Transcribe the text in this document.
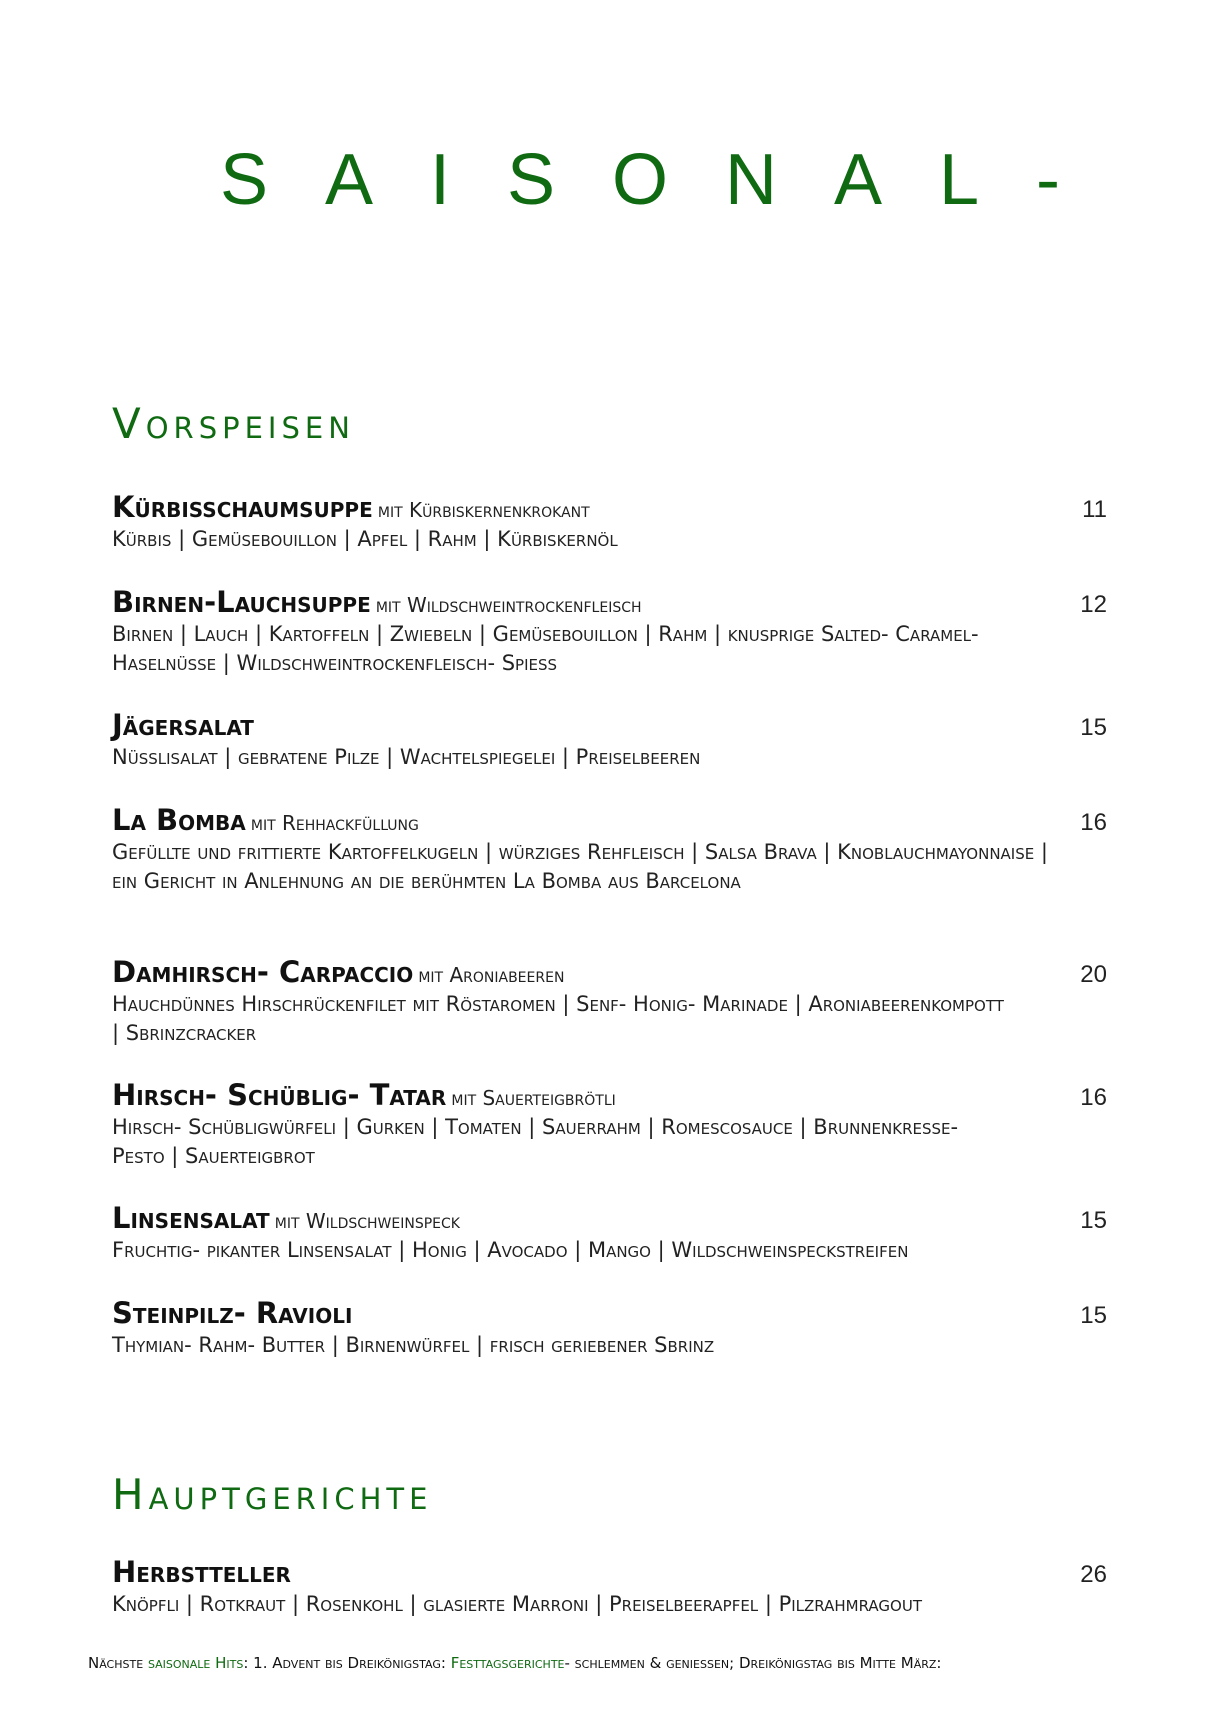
S A I S O N A L -
Vorspeisen
Kürbisschaumsuppe mit Kürbiskernenkrokant	11
Kürbis | Gemüsebouillon | Apfel | Rahm | Kürbiskernöl
Birnen-Lauchsuppe mit Wildschweintrockenfleisch	12
Birnen | Lauch | Kartoffeln | Zwiebeln | Gemüsebouillon | Rahm | knusprige Salted- Caramel- Haselnüsse | Wildschweintrockenfleisch- Spiess
Jägersalat	15
Nüsslisalat | gebratene Pilze | Wachtelspiegelei | Preiselbeeren
La Bomba mit Rehhackfüllung	16
Gefüllte und frittierte Kartoffelkugeln | würziges Rehfleisch | Salsa Brava | Knoblauchmayonnaise | ein Gericht in Anlehnung an die berühmten La Bomba aus Barcelona
Damhirsch- Carpaccio mit Aroniabeeren	20
Hauchdünnes Hirschrückenfilet mit Röstaromen | Senf- Honig- Marinade | Aroniabeerenkompott | Sbrinzcracker
Hirsch- Schüblig- Tatar mit Sauerteigbrötli	16
Hirsch- Schübligwürfeli | Gurken | Tomaten | Sauerrahm | Romescosauce | Brunnenkresse- Pesto | Sauerteigbrot
Linsensalat mit Wildschweinspeck	15
Fruchtig- pikanter Linsensalat | Honig | Avocado | Mango | Wildschweinspeckstreifen
Steinpilz- Ravioli	15
Thymian- Rahm- Butter | Birnenwürfel | frisch geriebener Sbrinz
Hauptgerichte
Herbstteller	26
Knöpfli | Rotkraut | Rosenkohl | glasierte Marroni | Preiselbeerapfel | Pilzrahmragout
Nächste saisonale Hits: 1. Advent bis Dreikönigstag: Festtagsgerichte- schlemmen & geniessen; Dreikönigstag bis Mitte März:
